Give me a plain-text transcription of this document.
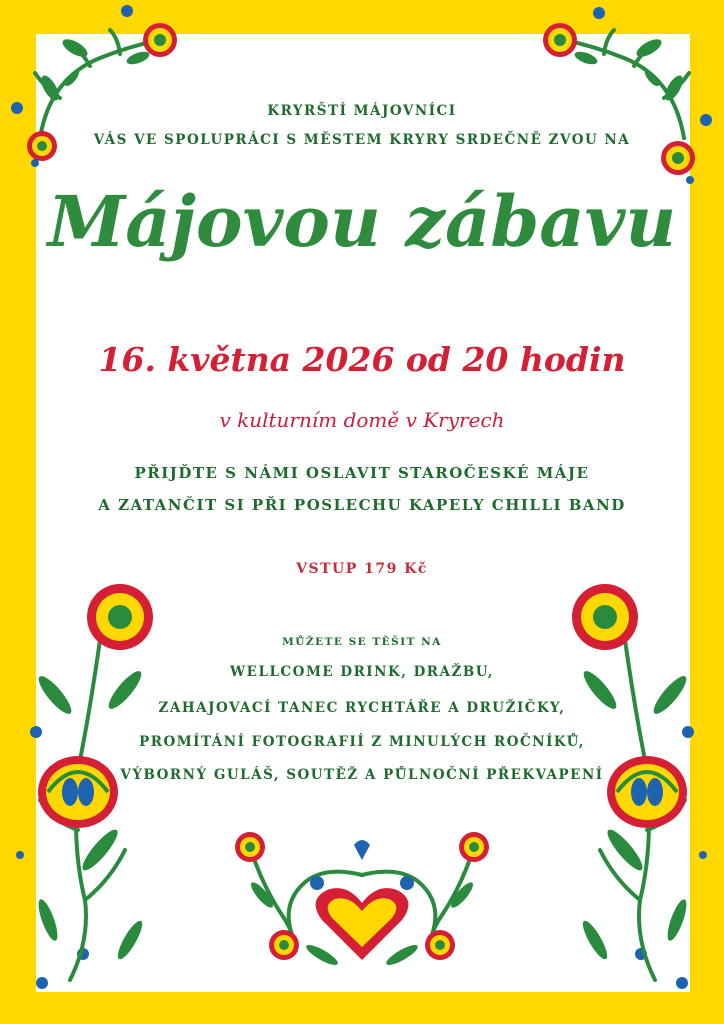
KRYRŠTÍ MÁJOVNÍCI

VÁS VE SPOLUPRÁCI S MĚSTEM KRYRY SRDEČNĚ ZVOU NA

Májovou zábavu

16. května 2026 od 20 hodin

v kulturním domě v Kryrech

PŘIJĎTE S NÁMI OSLAVIT STAROČESKÉ MÁJE

A ZATANČIT SI PŘI POSLECHU KAPELY CHILLI BAND

VSTUP 179 Kč

MŮŽETE SE TĚŠIT NA

WELLCOME DRINK, DRAŽBU,

ZAHAJOVACÍ TANEC RYCHTÁŘE A DRUŽIČKY,

PROMÍTÁNÍ FOTOGRAFIÍ Z MINULÝCH ROČNÍKŮ,

VÝBORNÝ GULÁŠ, SOUTĚŽ A PŮLNOČNÍ PŘEKVAPENÍ
